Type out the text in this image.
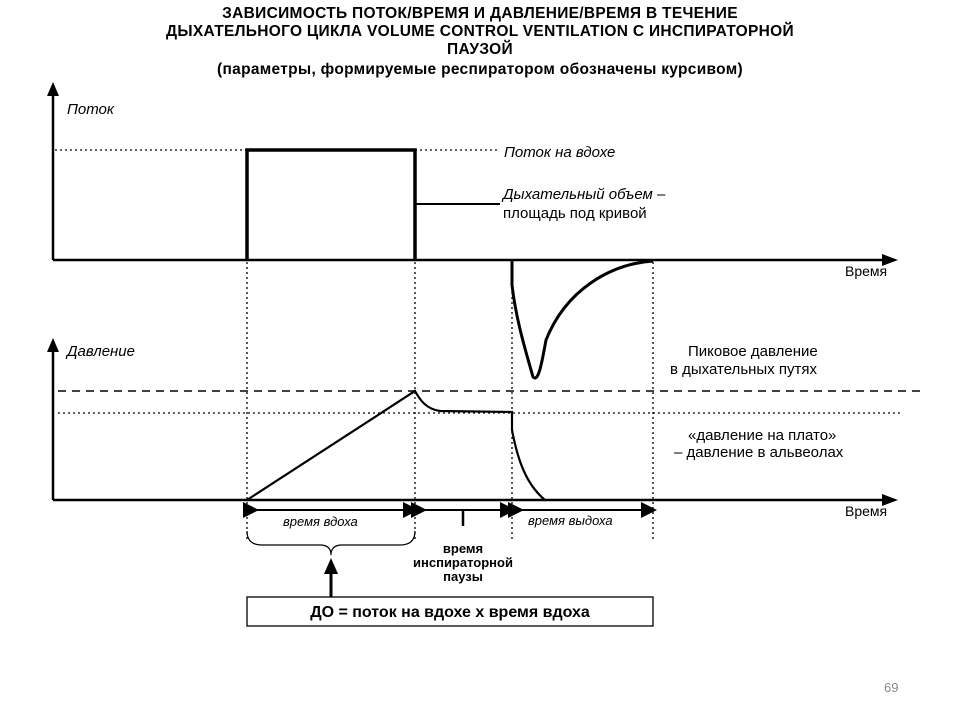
ЗАВИСИМОСТЬ ПОТОК/ВРЕМЯ И ДАВЛЕНИЕ/ВРЕМЯ В ТЕЧЕНИЕ
ДЫХАТЕЛЬНОГО ЦИКЛА VOLUME CONTROL VENTILATION С ИНСПИРАТОРНОЙ
ПАУЗОЙ
(параметры, формируемые респиратором обозначены курсивом)
Поток
Время
Поток на вдохе
Дыхательный объем –
площадь под кривой
Давление
Время
Пиковое давление
в дыхательных путях
«давление на плато»
– давление в альвеолах
время вдоха	время выдоха
время
инспираторной
паузы
ДО = поток на вдохе х время вдоха
69
